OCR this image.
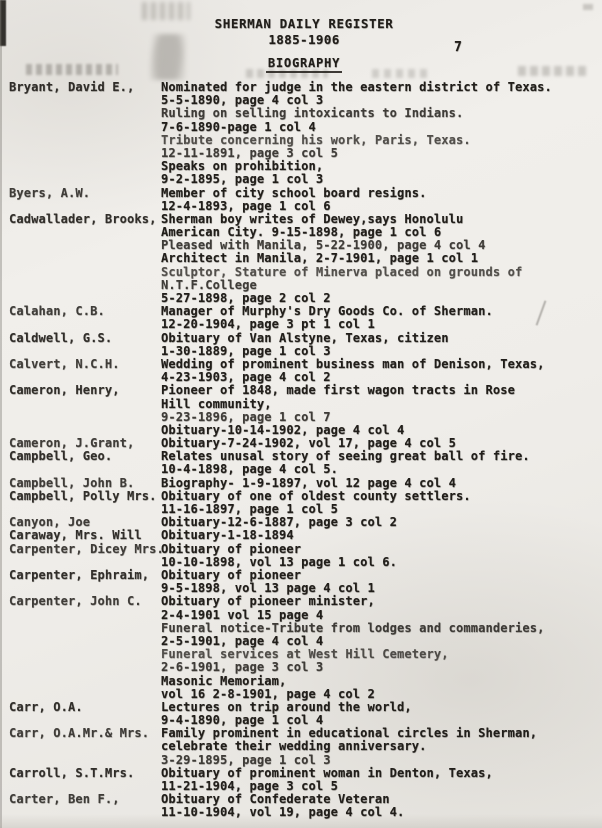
SHERMAN DAILY REGISTER
1885-1906
BIOGRAPHY
7
Bryant, David E.,	Nominated for judge in the eastern district of Texas.
5-5-1890, page 4 col 3
Ruling on selling intoxicants to Indians.
7-6-1890-page 1 col 4
Tribute concerning his work, Paris, Texas.
12-11-1891, page 3 col 5
Speaks on prohibition,
9-2-1895, page 1 col 3
Byers, A.W.	Member of city school board resigns.
12-4-1893, page 1 col 6
Cadwallader, Brooks, Sherman boy writes of Dewey,says Honolulu
American City. 9-15-1898, page 1 col 6
Pleased with Manila, 5-22-1900, page 4 col 4
Architect in Manila, 2-7-1901, page 1 col 1
Sculptor, Stature of Minerva placed on grounds of
N.T.F.College
5-27-1898, page 2 col 2
Calahan, C.B.	Manager of Murphy's Dry Goods Co. of Sherman.
12-20-1904, page 3 pt 1 col 1
Caldwell, G.S.	Obituary of Van Alstyne, Texas, citizen
1-30-1889, page 1 col 3
Calvert, N.C.H.	Wedding of prominent business man of Denison, Texas,
4-23-1903, page 4 col 2
Cameron, Henry,	Pioneer of 1848, made first wagon tracts in Rose
Hill community,
9-23-1896, page 1 col 7
Obituary-10-14-1902, page 4 col 4
Cameron, J.Grant,	Obituary-7-24-1902, vol 17, page 4 col 5
Campbell, Geo.	Relates unusal story of seeing great ball of fire.
10-4-1898, page 4 col 5.
Campbell, John B.	Biography- 1-9-1897, vol 12 page 4 col 4
Campbell, Polly Mrs. Obituary of one of oldest county settlers.
11-16-1897, page 1 col 5
Canyon, Joe	Obituary-12-6-1887, page 3 col 2
Caraway, Mrs. Will	Obituary-1-18-1894
Carpenter, Dicey Mrs.
Obituary of pioneer
10-10-1898, vol 13 page 1 col 6.
Carpenter, Ephraim, Obituary of pioneer
9-5-1898, vol 13 page 4 col 1
Carpenter, John C.	Obituary of pioneer minister,
2-4-1901 vol 15 page 4
Funeral notice-Tribute from lodges and commanderies,
2-5-1901, page 4 col 4
Funeral services at West Hill Cemetery,
2-6-1901, page 3 col 3
Masonic Memoriam,
vol 16 2-8-1901, page 4 col 2
Carr, O.A.	Lectures on trip around the world,
9-4-1890, page 1 col 4
Carr, O.A.Mr.& Mrs. Family prominent in educational circles in Sherman,
celebrate their wedding anniversary.
3-29-1895, page 1 col 3
Carroll, S.T.Mrs.	Obituary of prominent woman in Denton, Texas,
11-21-1904, page 3 col 5
Carter, Ben F.,	Obituary of Confederate Veteran
11-10-1904, vol 19, page 4 col 4.
